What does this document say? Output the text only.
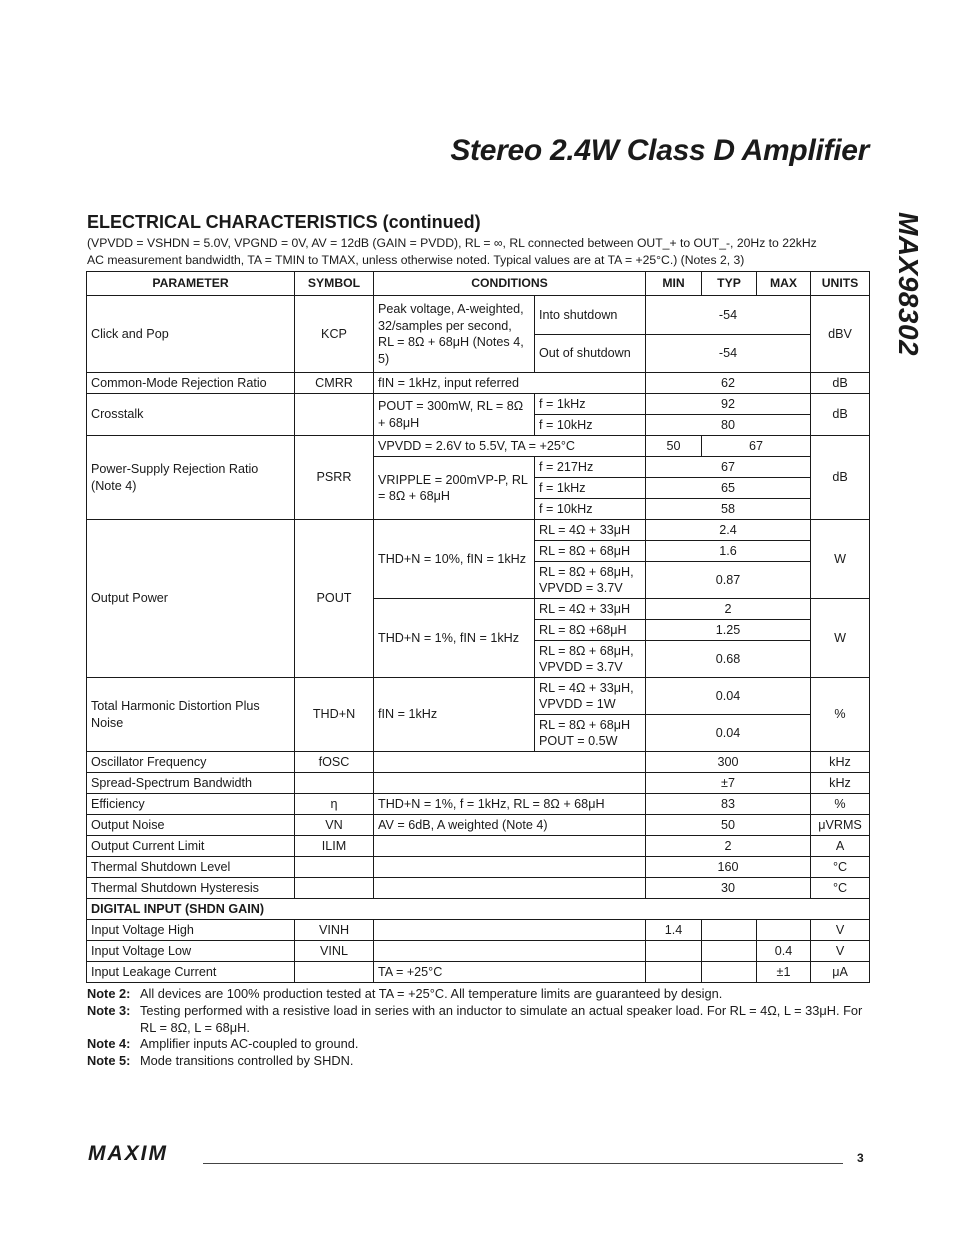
Stereo 2.4W Class D Amplifier
MAX98302
ELECTRICAL CHARACTERISTICS (continued)
(VPVDD = VSHDN = 5.0V, VPGND = 0V, AV = 12dB (GAIN = PVDD), RL = ∞, RL connected between OUT_+ to OUT_-, 20Hz to 22kHz
AC measurement bandwidth, TA = TMIN to TMAX, unless otherwise noted. Typical values are at TA = +25°C.) (Notes 2, 3)
PARAMETER	SYMBOL	CONDITIONS		MIN	TYP	MAX	UNITS
Click and Pop	KCP	Peak voltage, A-weighted, 32/samples per second, RL = 8Ω + 68μH (Notes 4, 5)	Into shutdown	-54			dBV
			Out of shutdown	-54			
Common-Mode Rejection Ratio	CMRR	fIN = 1kHz, input referred		62			dB
Crosstalk		POUT = 300mW, RL = 8Ω + 68μH	f = 1kHz	92			dB
			f = 10kHz	80			
Power-Supply Rejection Ratio (Note 4)	PSRR	VPVDD = 2.6V to 5.5V, TA = +25°C		50	67		dB
		VRIPPLE = 200mVP-P, RL = 8Ω + 68μH	f = 217Hz	67			
			f = 1kHz	65			
			f = 10kHz	58			
Output Power	POUT	THD+N = 10%, fIN = 1kHz	RL = 4Ω + 33μH	2.4			W
			RL = 8Ω + 68μH	1.6			
			RL = 8Ω + 68μH, VPVDD = 3.7V	0.87			
		THD+N = 1%, fIN = 1kHz	RL = 4Ω + 33μH	2			W
			RL = 8Ω +68μH	1.25			
			RL = 8Ω + 68μH, VPVDD = 3.7V	0.68			
Total Harmonic Distortion Plus Noise	THD+N	fIN = 1kHz	RL = 4Ω + 33μH, VPVDD = 1W	0.04			%
			RL = 8Ω + 68μH POUT = 0.5W	0.04			
Oscillator Frequency	fOSC			300			kHz
Spread-Spectrum Bandwidth				±7			kHz
Efficiency	η	THD+N = 1%, f = 1kHz, RL = 8Ω + 68μH		83			%
Output Noise	VN	AV = 6dB, A weighted (Note 4)		50			μVRMS
Output Current Limit	ILIM			2			A
Thermal Shutdown Level				160			°C
Thermal Shutdown Hysteresis				30			°C
DIGITAL INPUT (SHDN GAIN)							
Input Voltage High	VINH			1.4			V
Input Voltage Low	VINL					0.4	V
Input Leakage Current		TA = +25°C				±1	μA
Note 2: All devices are 100% production tested at TA = +25°C. All temperature limits are guaranteed by design.
Note 3: Testing performed with a resistive load in series with an inductor to simulate an actual speaker load. For RL = 4Ω, L = 33μH. For RL = 8Ω, L = 68μH.
Note 4: Amplifier inputs AC-coupled to ground.
Note 5: Mode transitions controlled by SHDN.
MAXIM	3
